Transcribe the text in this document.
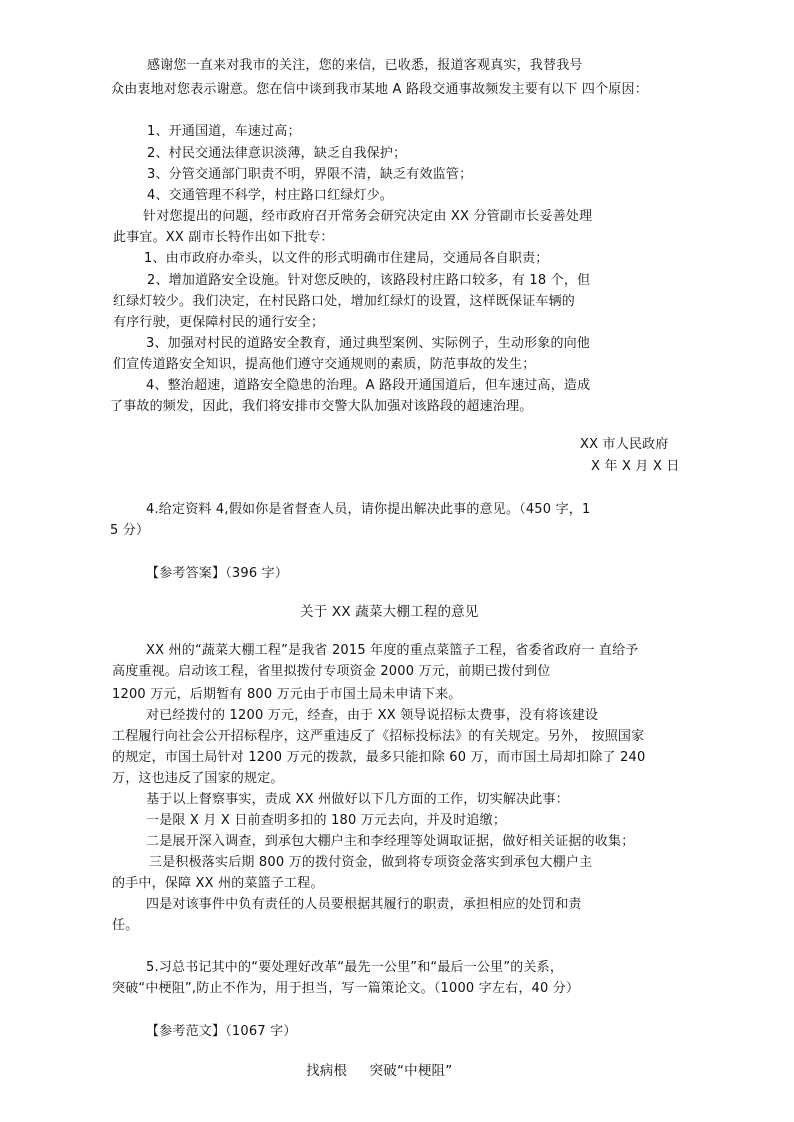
感谢您一直来对我市的关注，您的来信，已收悉，报道客观真实，我替我号
众由衷地对您表示谢意。您在信中谈到我市某地 A 路段交通事故频发主要有以下 四个原因：
1、开通国道，车速过高；
2、村民交通法律意识淡薄，缺乏自我保护；
3、分管交通部门职责不明，界限不清，缺乏有效监管；
4、交通管理不科学，村庄路口红绿灯少。
针对您提出的问题，经市政府召开常务会研究决定由 XX 分管副市长妥善处理
此事宜。XX 副市长特作出如下批专：
1、由市政府办牵头，以文件的形式明确市住建局，交通局各自职责；
2、增加道路安全设施。针对您反映的，该路段村庄路口较多，有 18 个，但
红绿灯较少。我们决定，在村民路口处，增加红绿灯的设置，这样既保证车辆的
有序行驶，更保障村民的通行安全；
3、加强对村民的道路安全教育，通过典型案例、实际例子，生动形象的向他
们宣传道路安全知识，提高他们遵守交通规则的素质，防范事故的发生；
4、整治超速，道路安全隐患的治理。A 路段开通国道后，但车速过高，造成
了事故的频发，因此，我们将安排市交警大队加强对该路段的超速治理。
XX 市人民政府
X 年 X 月 X 日
4.给定资料 4,假如你是省督查人员，请你提出解决此事的意见。（450 字，1
5 分）
【参考答案】（396 字）
关于 XX 蔬菜大棚工程的意见
XX 州的“蔬菜大棚工程”是我省 2015 年度的重点菜篮子工程，省委省政府一 直给予
高度重视。启动该工程，省里拟拨付专项资金 2000 万元，前期已拨付到位
1200 万元，后期暂有 800 万元由于市国土局未申请下来。
对已经拨付的 1200 万元，经查，由于 XX 领导说招标太费事，没有将该建设
工程履行向社会公开招标程序，这严重违反了《招标投标法》的有关规定。另外， 按照国家
的规定，市国土局针对 1200 万元的拨款，最多只能扣除 60 万，而市国土局却扣除了 240
万，这也违反了国家的规定。
基于以上督察事实，责成 XX 州做好以下几方面的工作，切实解决此事：
一是限 X 月 X 日前查明多扣的 180 万元去向，并及时追缴；
二是展开深入调查，到承包大棚户主和李经理等处调取证据，做好相关证据的收集；
三是积极落实后期 800 万的拨付资金，做到将专项资金落实到承包大棚户主
的手中，保障 XX 州的菜篮子工程。
四是对该事件中负有责任的人员要根据其履行的职责，承担相应的处罚和责
任。
5.习总书记其中的“要处理好改革“最先一公里”和“最后一公里”的关系，
突破“中梗阻”,防止不作为，用于担当，写一篇策论文。（1000 字左右，40 分）
【参考范文】（1067 字）
找病根     突破“中梗阻”
